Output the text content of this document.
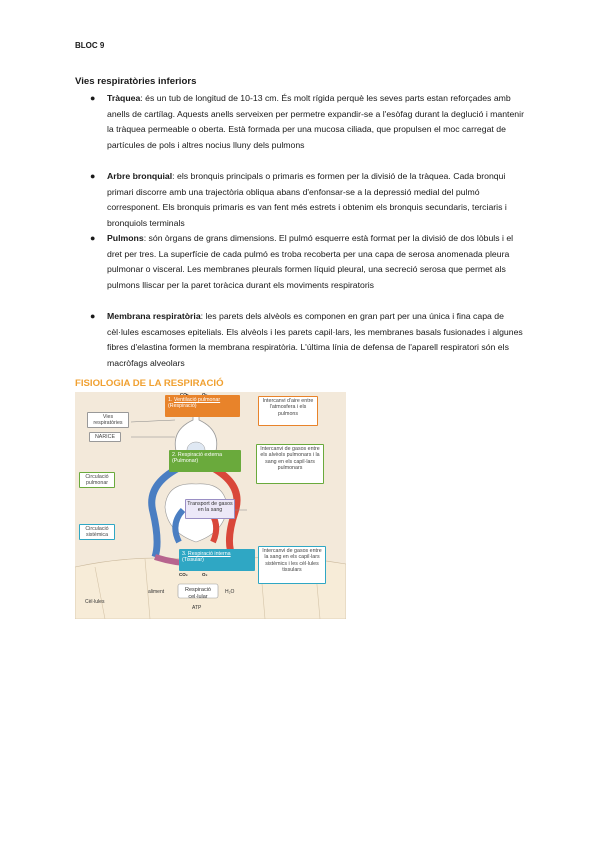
BLOC 9
Vies respiratòries inferiors
● Tràquea: és un tub de longitud de 10-13 cm. És molt rígida perquè les seves parts estan reforçades amb anells de cartílag. Aquests anells serveixen per permetre expandir-se a l'esòfag durant la deglució i mantenir la tràquea permeable o oberta. Està formada per una mucosa ciliada, que propulsen el moc carregat de partícules de pols i altres nocius lluny dels pulmons
● Arbre bronquial: els bronquis principals o primaris es formen per la divisió de la tràquea. Cada bronqui primari discorre amb una trajectòria obliqua abans d'enfonsar-se a la depressió medial del pulmó corresponent. Els bronquis primaris es van fent més estrets i obtenim els bronquis secundaris, terciaris i bronquiols terminals
● Pulmons: són òrgans de grans dimensions. El pulmó esquerre està format per la divisió de dos lòbuls i el dret per tres. La superfície de cada pulmó es troba recoberta per una capa de serosa anomenada pleura pulmonar o visceral. Les membranes pleurals formen líquid pleural, una secreció serosa que permet als pulmons lliscar per la paret toràcica durant els moviments respiratoris
● Membrana respiratòria: les parets dels alvèols es componen en gran part per una única i fina capa de cèl·lules escamoses epitelials. Els alvèols i les parets capil·lars, les membranes basals fusionades i algunes fibres d'elastina formen la membrana respiratòria. L'última línia de defensa de l'aparell respiratori són els macròfags alveolars
FISIOLOGIA DE LA RESPIRACIÓ
CO₂	O₂
Vies respiratòries
NARICE
Circulació pulmonar
Circulació sistèmica
1. Ventilació pulmonar
(Respiració)
2. Respiració externa
(Pulmonar)
3. Respiració interna
(Tissular)
Transport de gasos en la sang
Intercanvi d'aire entre l'atmosfera i els pulmons
Intercanvi de gasos entre els alvèols pulmonars i la sang en els capil·lars pulmonars
Intercanvi de gasos entre la sang en els capil·lars sistèmics i les cèl·lules tissulars
Respiració cel·lular
Cèl·lules
aliment
ATP
H₂O
